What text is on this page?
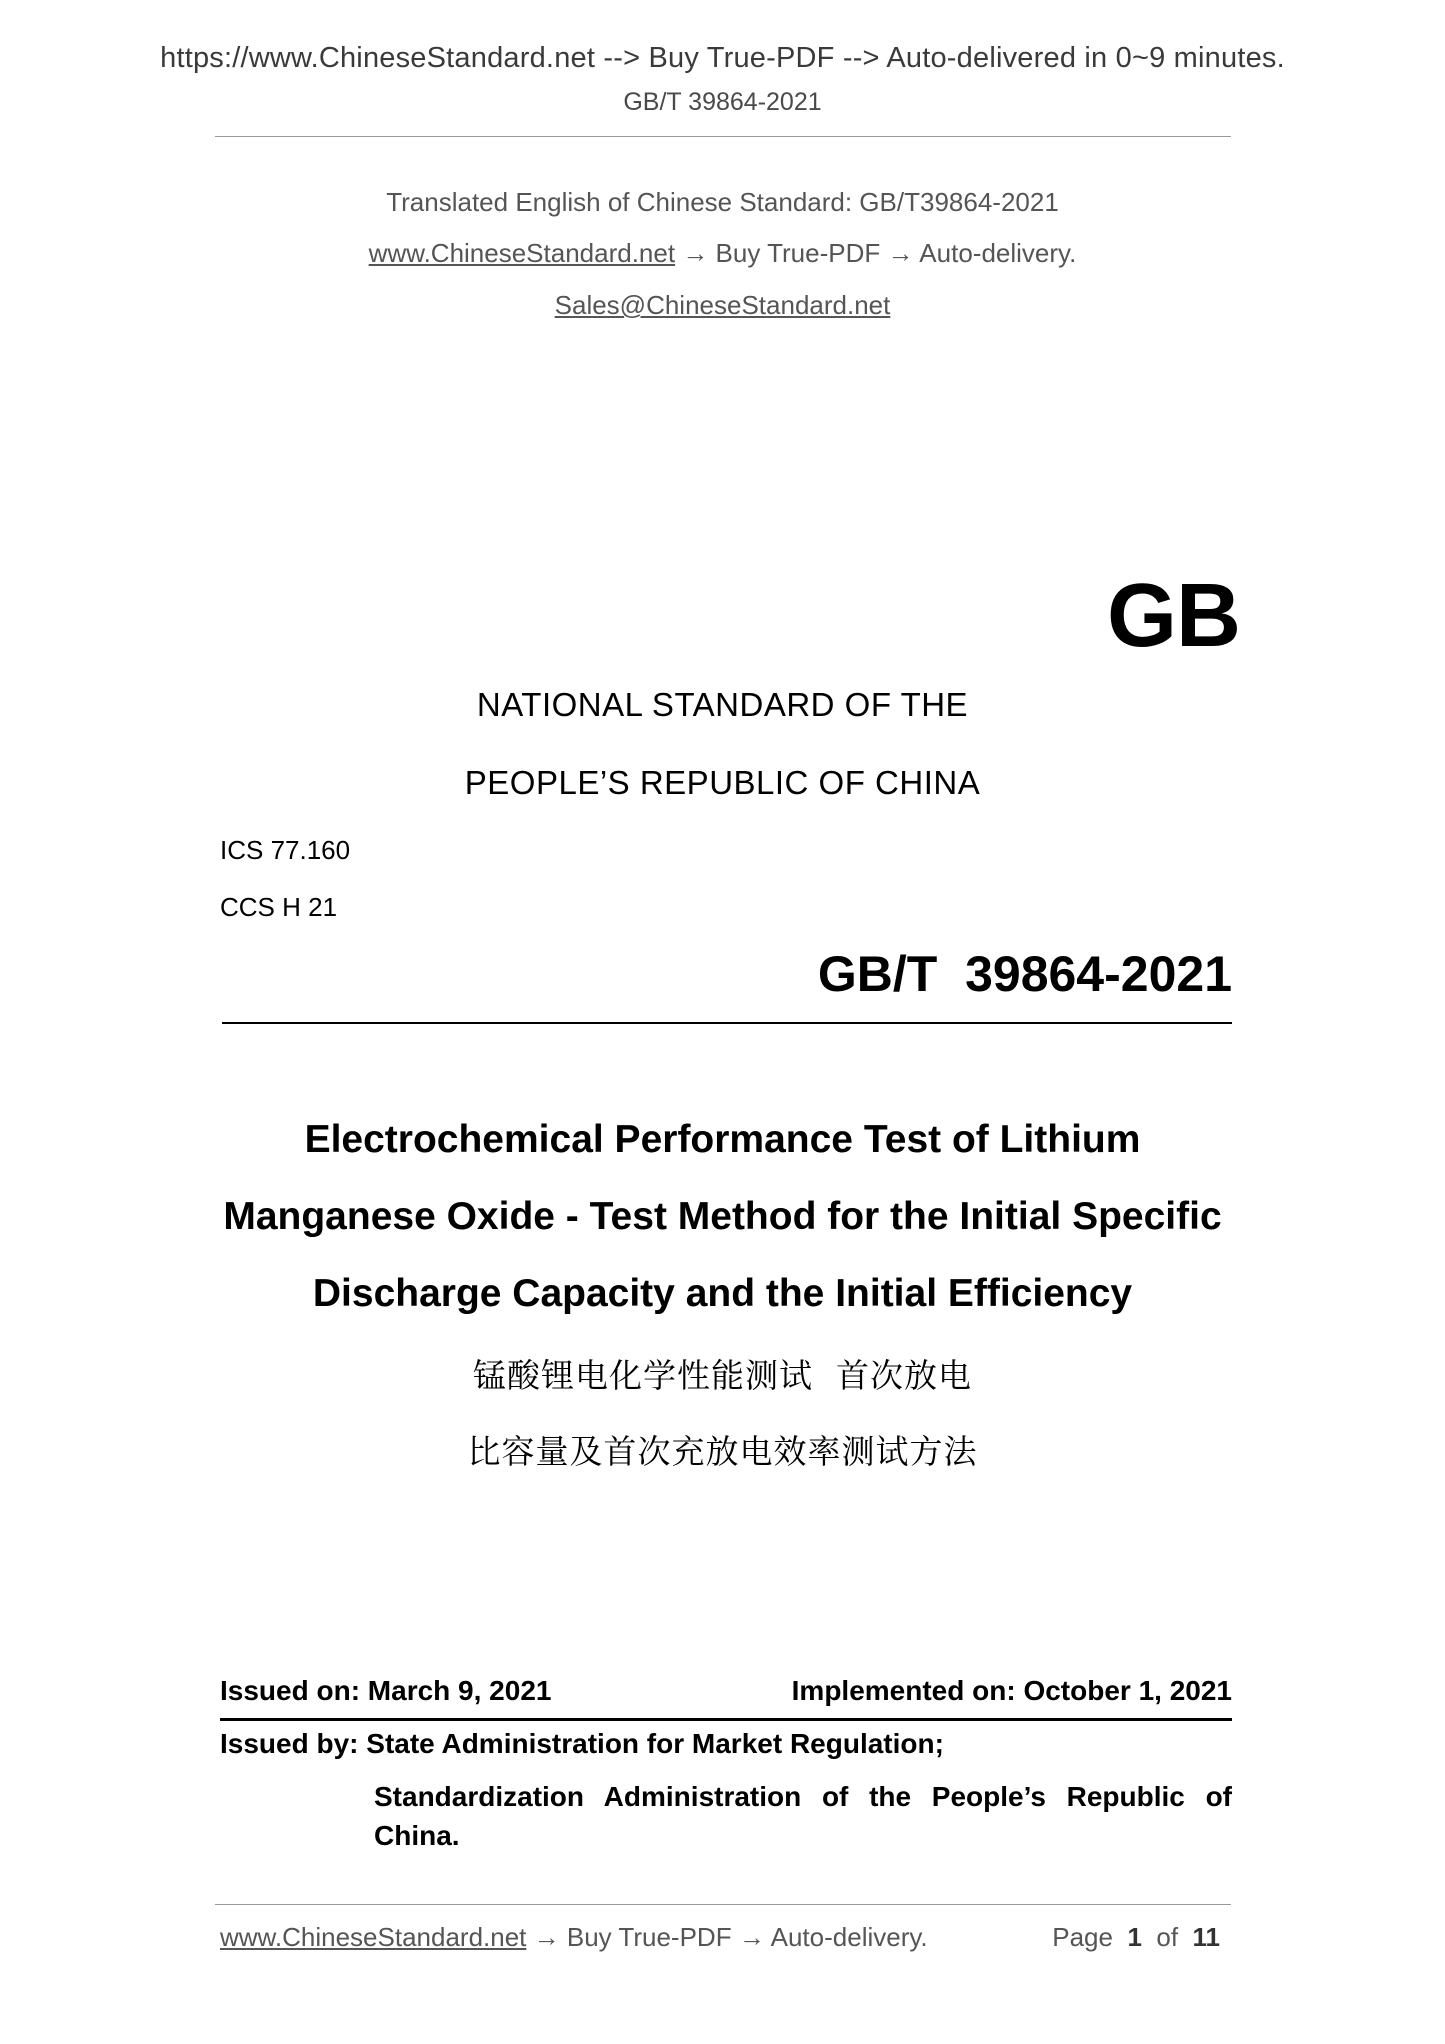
https://www.ChineseStandard.net --> Buy True-PDF --> Auto-delivered in 0~9 minutes.
GB/T 39864-2021
Translated English of Chinese Standard: GB/T39864-2021
www.ChineseStandard.net → Buy True-PDF → Auto-delivery.
Sales@ChineseStandard.net
GB
NATIONAL STANDARD OF THE
PEOPLE’S REPUBLIC OF CHINA
ICS 77.160
CCS H 21
GB/T  39864-2021
Electrochemical Performance Test of Lithium
Manganese Oxide - Test Method for the Initial Specific
Discharge Capacity and the Initial Efficiency
锰酸锂电化学性能测试  首次放电
比容量及首次充放电效率测试方法
Issued on: March 9, 2021	Implemented on: October 1, 2021
Issued by: State Administration for Market Regulation;
Standardization Administration of the People’s Republic of
China.
www.ChineseStandard.net → Buy True-PDF → Auto-delivery.	Page 1 of 11
